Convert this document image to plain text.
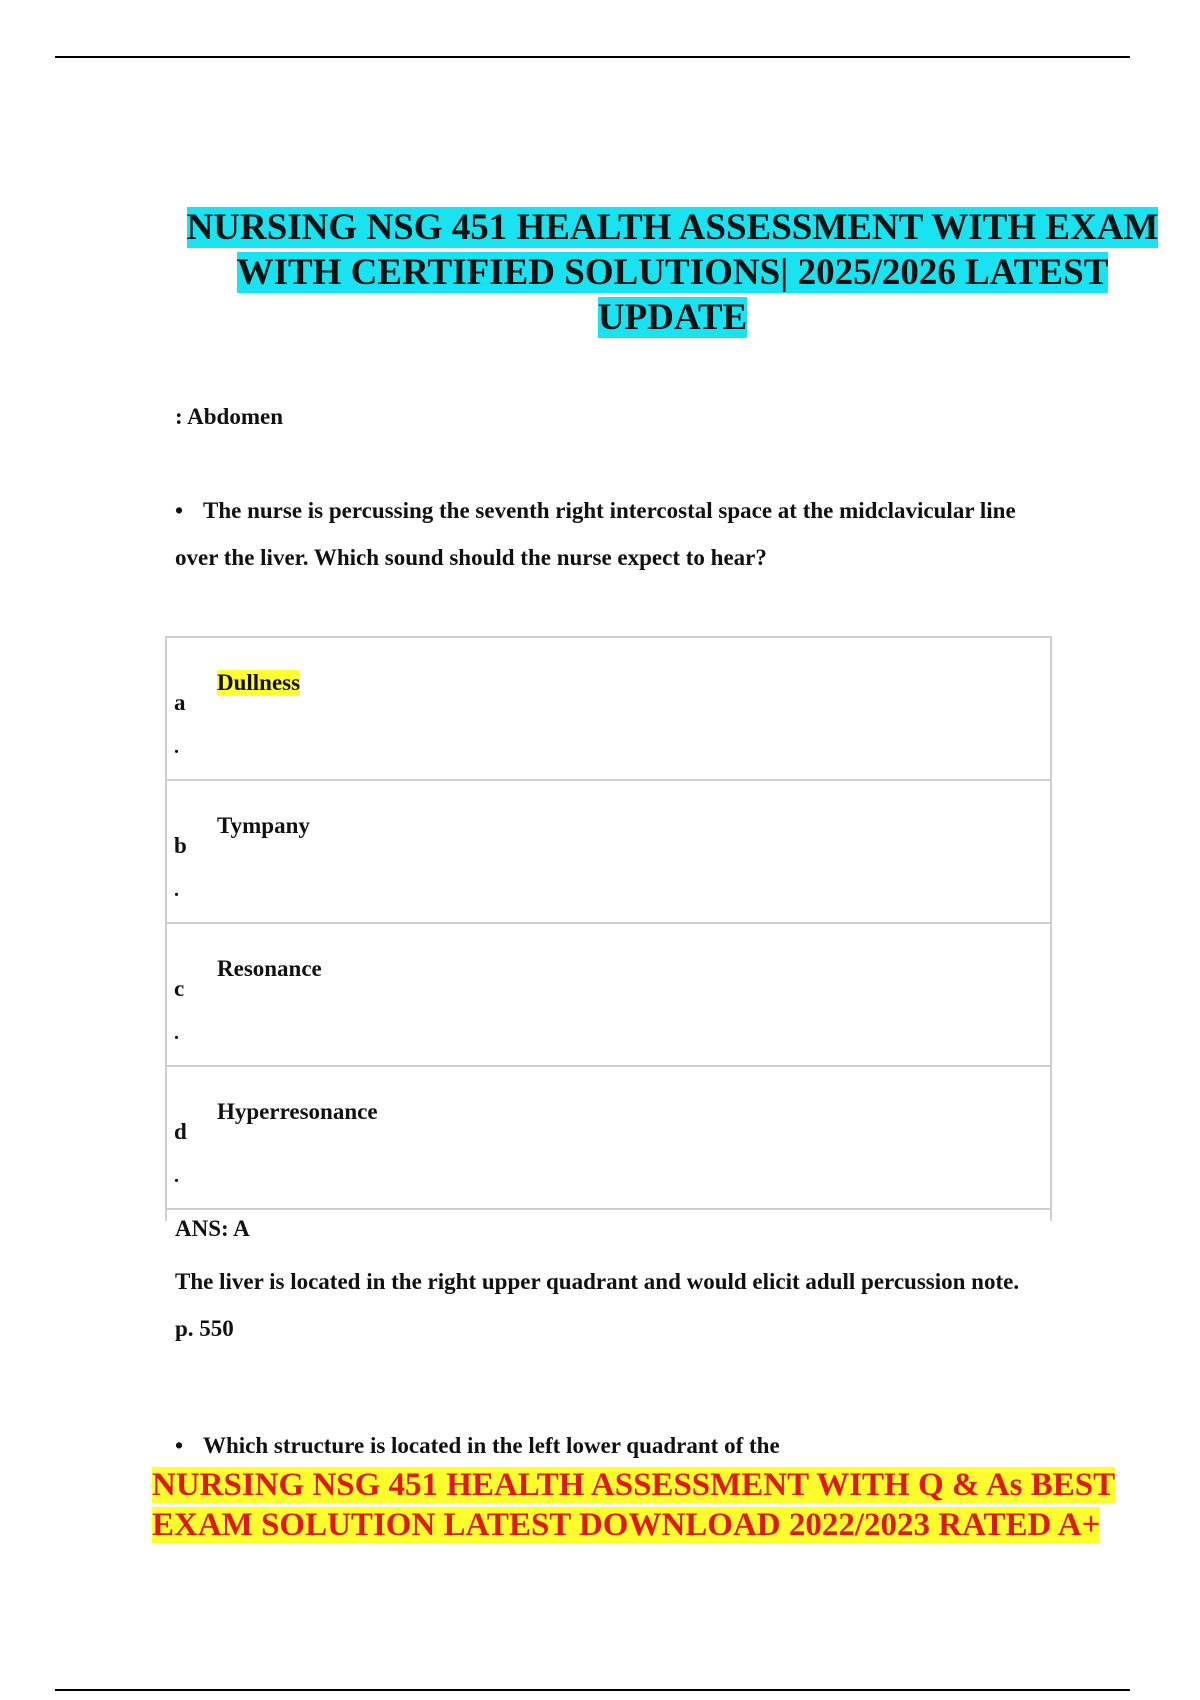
NURSING NSG 451 HEALTH ASSESSMENT WITH EXAM
WITH CERTIFIED SOLUTIONS| 2025/2026 LATEST
UPDATE

: Abdomen

• The nurse is percussing the seventh right intercostal space at the midclavicular line over the liver. Which sound should the nurse expect to hear?

a
.
Dullness
b
.
Tympany
c
.
Resonance
d
.
Hyperresonance

ANS: A

The liver is located in the right upper quadrant and would elicit adull percussion note. p. 550

• Which structure is located in the left lower quadrant of the

NURSING NSG 451 HEALTH ASSESSMENT WITH Q & As BEST
EXAM SOLUTION LATEST DOWNLOAD 2022/2023 RATED A+
